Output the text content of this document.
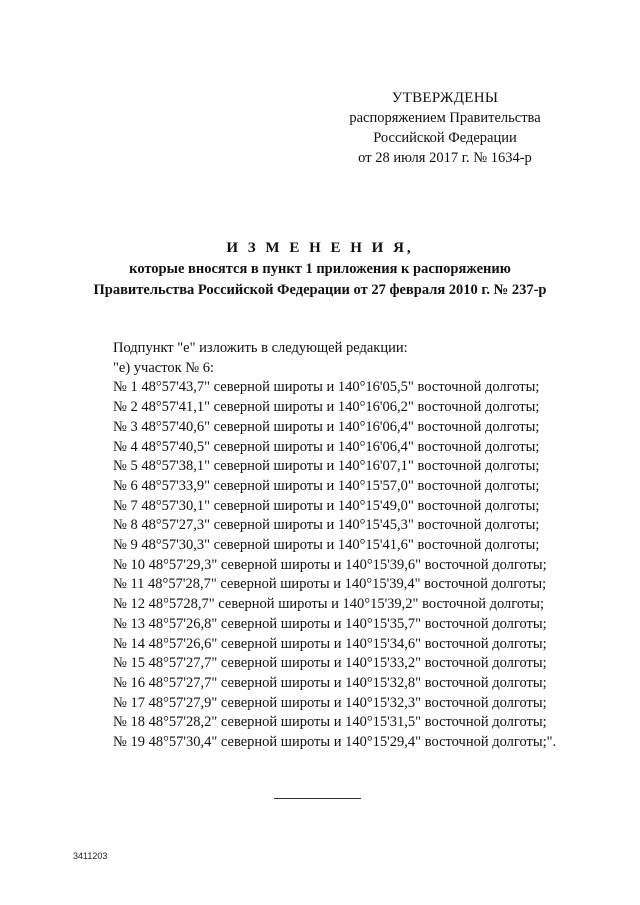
УТВЕРЖДЕНЫ
распоряжением Правительства
Российской Федерации
от 28 июля 2017 г. № 1634-р
И З М Е Н Е Н И Я,
которые вносятся в пункт 1 приложения к распоряжению
Правительства Российской Федерации от 27 февраля 2010 г. № 237-р
Подпункт "е" изложить в следующей редакции:
"е) участок № 6:
№ 1 48°57'43,7" северной широты и 140°16'05,5" восточной долготы;
№ 2 48°57'41,1" северной широты и 140°16'06,2" восточной долготы;
№ 3 48°57'40,6" северной широты и 140°16'06,4" восточной долготы;
№ 4 48°57'40,5" северной широты и 140°16'06,4" восточной долготы;
№ 5 48°57'38,1" северной широты и 140°16'07,1" восточной долготы;
№ 6 48°57'33,9" северной широты и 140°15'57,0" восточной долготы;
№ 7 48°57'30,1" северной широты и 140°15'49,0" восточной долготы;
№ 8 48°57'27,3" северной широты и 140°15'45,3" восточной долготы;
№ 9 48°57'30,3" северной широты и 140°15'41,6" восточной долготы;
№ 10 48°57'29,3" северной широты и 140°15'39,6" восточной долготы;
№ 11 48°57'28,7" северной широты и 140°15'39,4" восточной долготы;
№ 12 48°5728,7" северной широты и 140°15'39,2" восточной долготы;
№ 13 48°57'26,8" северной широты и 140°15'35,7" восточной долготы;
№ 14 48°57'26,6" северной широты и 140°15'34,6" восточной долготы;
№ 15 48°57'27,7" северной широты и 140°15'33,2" восточной долготы;
№ 16 48°57'27,7" северной широты и 140°15'32,8" восточной долготы;
№ 17 48°57'27,9" северной широты и 140°15'32,3" восточной долготы;
№ 18 48°57'28,2" северной широты и 140°15'31,5" восточной долготы;
№ 19 48°57'30,4" северной широты и 140°15'29,4" восточной долготы;".
3411203
